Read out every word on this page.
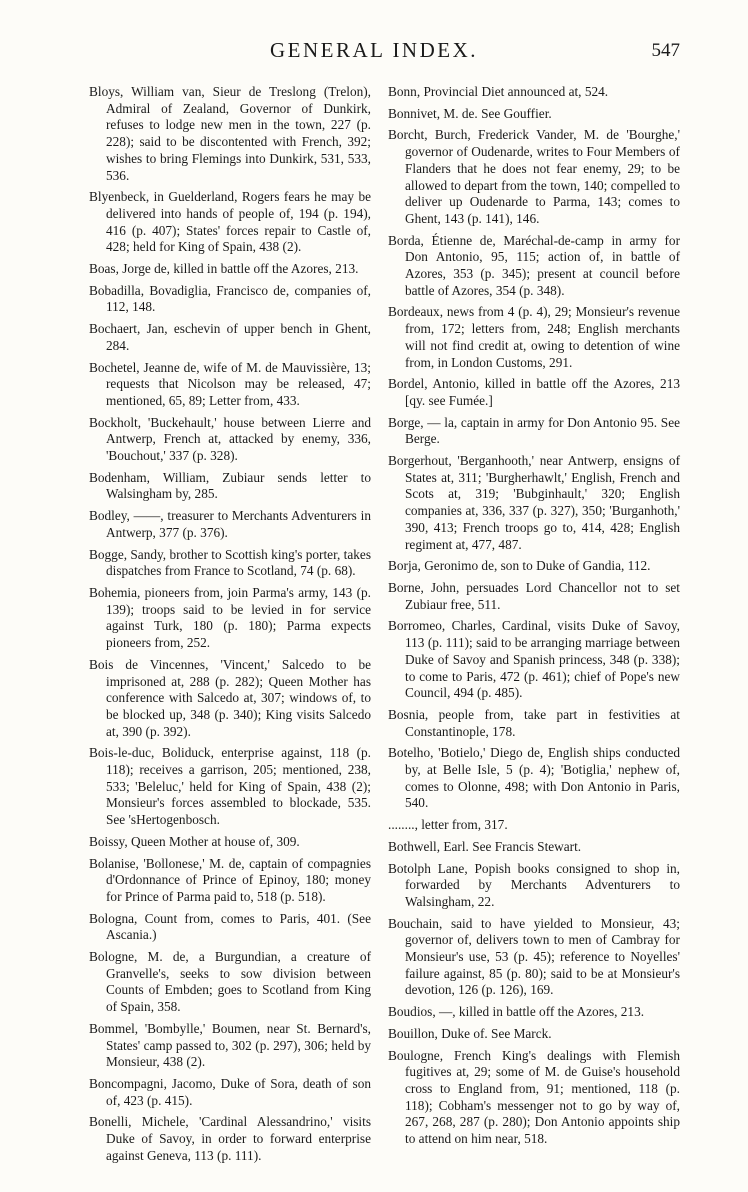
GENERAL INDEX.	547
Bloys, William van, Sieur de Treslong (Trelon), Admiral of Zealand, Governor of Dunkirk, refuses to lodge new men in the town, 227 (p. 228); said to be discontented with French, 392; wishes to bring Flemings into Dunkirk, 531, 533, 536.
Blyenbeck, in Guelderland, Rogers fears he may be delivered into hands of people of, 194 (p. 194), 416 (p. 407); States' forces repair to Castle of, 428; held for King of Spain, 438 (2).
Boas, Jorge de, killed in battle off the Azores, 213.
Bobadilla, Bovadiglia, Francisco de, companies of, 112, 148.
Bochaert, Jan, eschevin of upper bench in Ghent, 284.
Bochetel, Jeanne de, wife of M. de Mauvissière, 13; requests that Nicolson may be released, 47; mentioned, 65, 89; Letter from, 433.
Bockholt, 'Buckehault,' house between Lierre and Antwerp, French at, attacked by enemy, 336, 'Bouchout,' 337 (p. 328).
Bodenham, William, Zubiaur sends letter to Walsingham by, 285.
Bodley, ——, treasurer to Merchants Adventurers in Antwerp, 377 (p. 376).
Bogge, Sandy, brother to Scottish king's porter, takes dispatches from France to Scotland, 74 (p. 68).
Bohemia, pioneers from, join Parma's army, 143 (p. 139); troops said to be levied in for service against Turk, 180 (p. 180); Parma expects pioneers from, 252.
Bois de Vincennes, 'Vincent,' Salcedo to be imprisoned at, 288 (p. 282); Queen Mother has conference with Salcedo at, 307; windows of, to be blocked up, 348 (p. 340); King visits Salcedo at, 390 (p. 392).
Bois-le-duc, Boliduck, enterprise against, 118 (p. 118); receives a garrison, 205; mentioned, 238, 533; 'Beleluc,' held for King of Spain, 438 (2); Monsieur's forces assembled to blockade, 535. See 'sHertogenbosch.
Boissy, Queen Mother at house of, 309.
Bolanise, 'Bollonese,' M. de, captain of compagnies d'Ordonnance of Prince of Epinoy, 180; money for Prince of Parma paid to, 518 (p. 518).
Bologna, Count from, comes to Paris, 401. (See Ascania.)
Bologne, M. de, a Burgundian, a creature of Granvelle's, seeks to sow division between Counts of Embden; goes to Scotland from King of Spain, 358.
Bommel, 'Bombylle,' Boumen, near St. Bernard's, States' camp passed to, 302 (p. 297), 306; held by Monsieur, 438 (2).
Boncompagni, Jacomo, Duke of Sora, death of son of, 423 (p. 415).
Bonelli, Michele, 'Cardinal Alessandrino,' visits Duke of Savoy, in order to forward enterprise against Geneva, 113 (p. 111).
Bonn, Provincial Diet announced at, 524.
Bonnivet, M. de. See Gouffier.
Borcht, Burch, Frederick Vander, M. de 'Bourghe,' governor of Oudenarde, writes to Four Members of Flanders that he does not fear enemy, 29; to be allowed to depart from the town, 140; compelled to deliver up Oudenarde to Parma, 143; comes to Ghent, 143 (p. 141), 146.
Borda, Étienne de, Maréchal-de-camp in army for Don Antonio, 95, 115; action of, in battle of Azores, 353 (p. 345); present at council before battle of Azores, 354 (p. 348).
Bordeaux, news from 4 (p. 4), 29; Monsieur's revenue from, 172; letters from, 248; English merchants will not find credit at, owing to detention of wine from, in London Customs, 291.
Bordel, Antonio, killed in battle off the Azores, 213 [qy. see Fumée.]
Borge, — la, captain in army for Don Antonio 95. See Berge.
Borgerhout, 'Berganhooth,' near Antwerp, ensigns of States at, 311; 'Burgherhawlt,' English, French and Scots at, 319; 'Bubginhault,' 320; English companies at, 336, 337 (p. 327), 350; 'Burganhoth,' 390, 413; French troops go to, 414, 428; English regiment at, 477, 487.
Borja, Geronimo de, son to Duke of Gandia, 112.
Borne, John, persuades Lord Chancellor not to set Zubiaur free, 511.
Borromeo, Charles, Cardinal, visits Duke of Savoy, 113 (p. 111); said to be arranging marriage between Duke of Savoy and Spanish princess, 348 (p. 338); to come to Paris, 472 (p. 461); chief of Pope's new Council, 494 (p. 485).
Bosnia, people from, take part in festivities at Constantinople, 178.
Botelho, 'Botielo,' Diego de, English ships conducted by, at Belle Isle, 5 (p. 4); 'Botiglia,' nephew of, comes to Olonne, 498; with Don Antonio in Paris, 540.
........, letter from, 317.
Bothwell, Earl. See Francis Stewart.
Botolph Lane, Popish books consigned to shop in, forwarded by Merchants Adventurers to Walsingham, 22.
Bouchain, said to have yielded to Monsieur, 43; governor of, delivers town to men of Cambray for Monsieur's use, 53 (p. 45); reference to Noyelles' failure against, 85 (p. 80); said to be at Monsieur's devotion, 126 (p. 126), 169.
Boudios, —, killed in battle off the Azores, 213.
Bouillon, Duke of. See Marck.
Boulogne, French King's dealings with Flemish fugitives at, 29; some of M. de Guise's household cross to England from, 91; mentioned, 118 (p. 118); Cobham's messenger not to go by way of, 267, 268, 287 (p. 280); Don Antonio appoints ship to attend on him near, 518.
